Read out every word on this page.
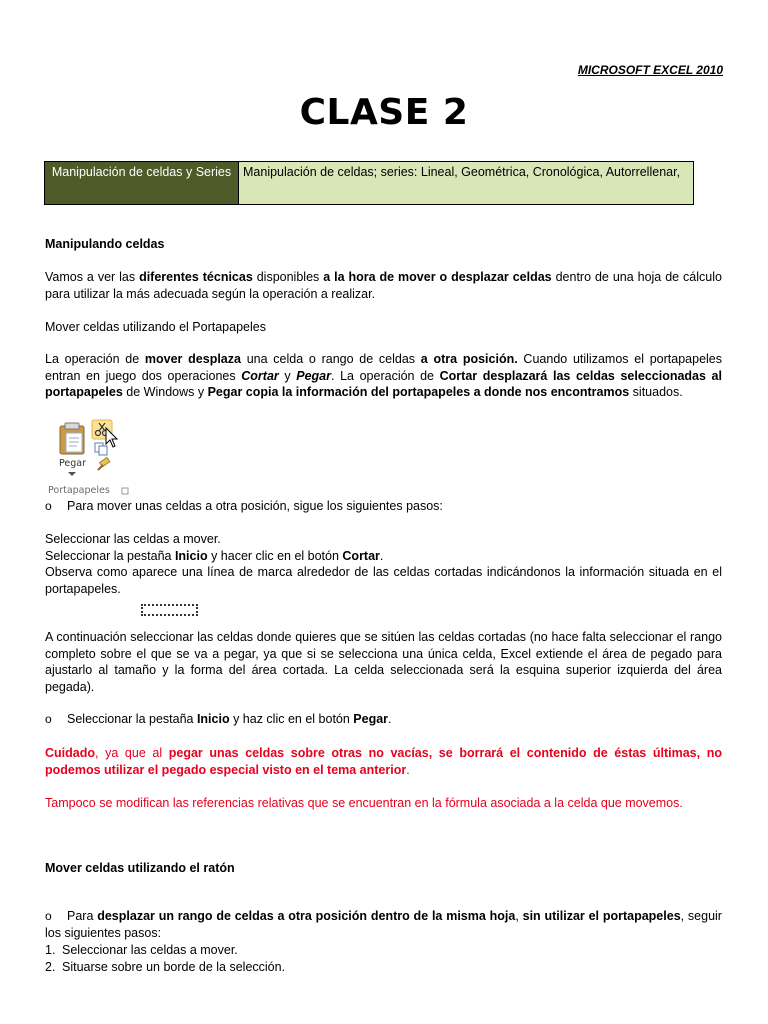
MICROSOFT EXCEL 2010
CLASE 2
Manipulación de celdas y Series	Manipulación de celdas; series: Lineal, Geométrica, Cronológica, Autorrellenar,
Manipulando celdas
Vamos a ver las diferentes técnicas disponibles a la hora de mover o desplazar celdas dentro de una hoja de cálculo para utilizar la más adecuada según la operación a realizar.
Mover celdas utilizando el Portapapeles
La operación de mover desplaza una celda o rango de celdas a otra posición. Cuando utilizamos el portapapeles entran en juego dos operaciones Cortar y Pegar. La operación de Cortar desplazará las celdas seleccionadas al portapapeles de Windows y Pegar copia la información del portapapeles a donde nos encontramos situados.
Pegar
Portapapeles
o Para mover unas celdas a otra posición, sigue los siguientes pasos:
Seleccionar las celdas a mover.
Seleccionar la pestaña Inicio y hacer clic en el botón Cortar.
Observa como aparece una línea de marca alrededor de las celdas cortadas indicándonos la información situada en el portapapeles.
A continuación seleccionar las celdas donde quieres que se sitúen las celdas cortadas (no hace falta seleccionar el rango completo sobre el que se va a pegar, ya que si se selecciona una única celda, Excel extiende el área de pegado para ajustarlo al tamaño y la forma del área cortada. La celda seleccionada será la esquina superior izquierda del área pegada).
o Seleccionar la pestaña Inicio y haz clic en el botón Pegar.
Cuidado, ya que al pegar unas celdas sobre otras no vacías, se borrará el contenido de éstas últimas, no podemos utilizar el pegado especial visto en el tema anterior.
Tampoco se modifican las referencias relativas que se encuentran en la fórmula asociada a la celda que movemos.
Mover celdas utilizando el ratón
o Para desplazar un rango de celdas a otra posición dentro de la misma hoja, sin utilizar el portapapeles, seguir los siguientes pasos:
1. Seleccionar las celdas a mover.
2. Situarse sobre un borde de la selección.
